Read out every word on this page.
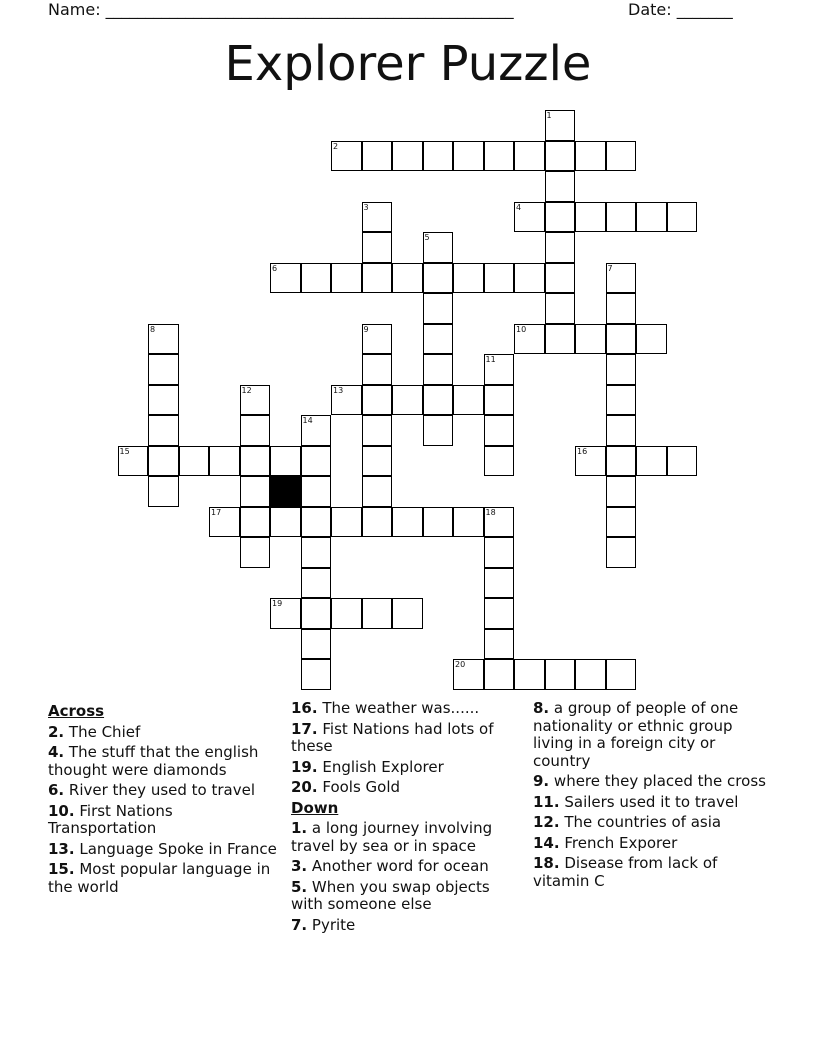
Name: ___________________________________________________	Date: _______
Explorer Puzzle
1
2
3	4
5
6	7
8	9	10
11
12	13
14
15	16
17	18
19
20
Across
2. The Chief
4. The stuff that the english thought were diamonds
6. River they used to travel
10. First Nations Transportation
13. Language Spoke in France
15. Most popular language in the world
16. The weather was......
17. Fist Nations had lots of these
19. English Explorer
20. Fools Gold
Down
1. a long journey involving travel by sea or in space
3. Another word for ocean
5. When you swap objects with someone else
7. Pyrite
8. a group of people of one nationality or ethnic group living in a foreign city or country
9. where they placed the cross
11. Sailers used it to travel
12. The countries of asia
14. French Exporer
18. Disease from lack of vitamin C
